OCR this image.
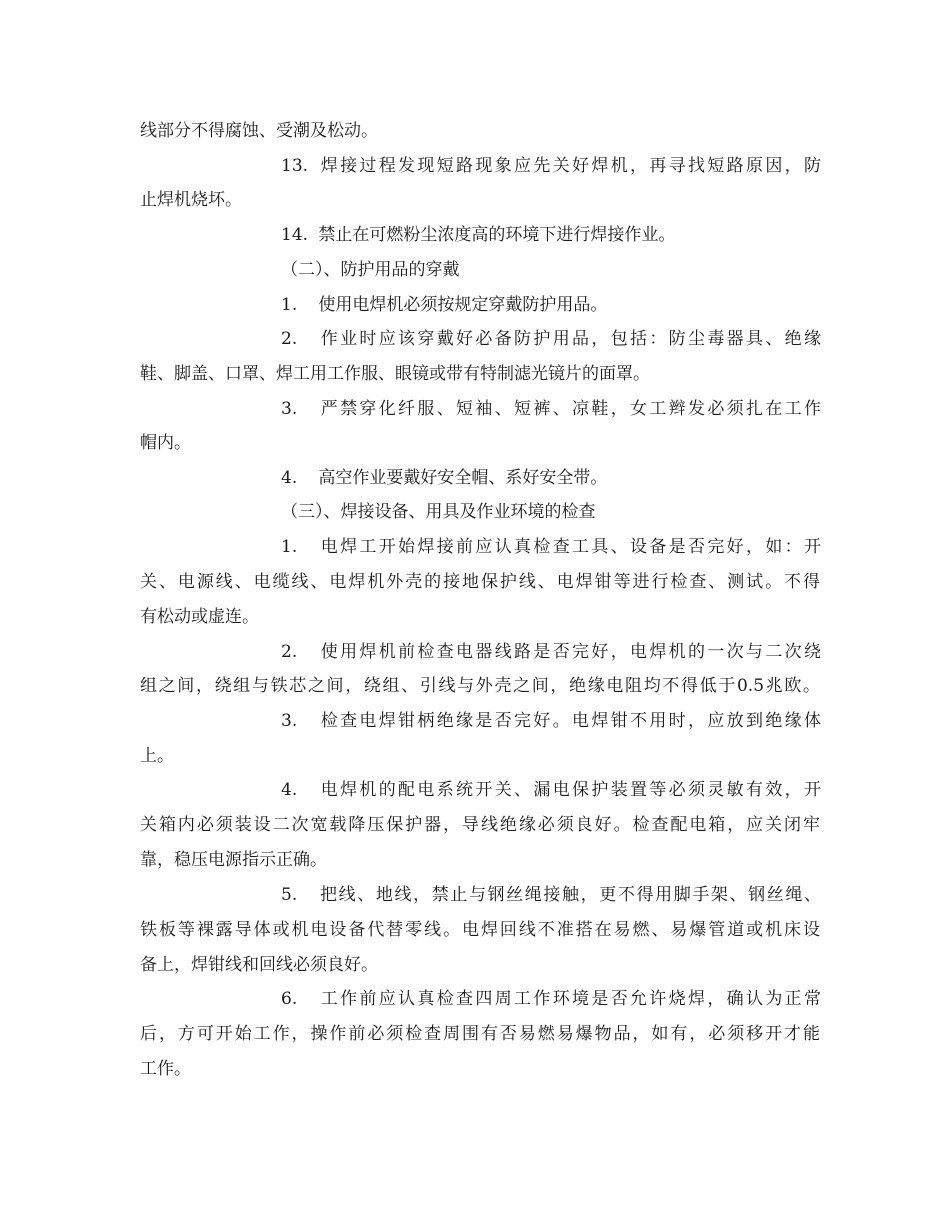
线部分不得腐蚀、受潮及松动。
13. 焊接过程发现短路现象应先关好焊机，再寻找短路原因，防
止焊机烧坏。
14. 禁止在可燃粉尘浓度高的环境下进行焊接作业。
（二）、防护用品的穿戴
1. 使用电焊机必须按规定穿戴防护用品。
2. 作业时应该穿戴好必备防护用品，包括：防尘毒器具、绝缘
鞋、脚盖、口罩、焊工用工作服、眼镜或带有特制滤光镜片的面罩。
3. 严禁穿化纤服、短袖、短裤、凉鞋，女工辫发必须扎在工作
帽内。
4. 高空作业要戴好安全帽、系好安全带。
（三）、焊接设备、用具及作业环境的检查
1. 电焊工开始焊接前应认真检查工具、设备是否完好，如：开
关、电源线、电缆线、电焊机外壳的接地保护线、电焊钳等进行检查、测试。不得
有松动或虚连。
2. 使用焊机前检查电器线路是否完好，电焊机的一次与二次绕
组之间，绕组与铁芯之间，绕组、引线与外壳之间，绝缘电阻均不得低于0.5兆欧。
3. 检查电焊钳柄绝缘是否完好。电焊钳不用时，应放到绝缘体
上。
4. 电焊机的配电系统开关、漏电保护装置等必须灵敏有效，开
关箱内必须装设二次宽载降压保护器，导线绝缘必须良好。检查配电箱，应关闭牢
靠，稳压电源指示正确。
5. 把线、地线，禁止与钢丝绳接触，更不得用脚手架、钢丝绳、
铁板等裸露导体或机电设备代替零线。电焊回线不准搭在易燃、易爆管道或机床设
备上，焊钳线和回线必须良好。
6. 工作前应认真检查四周工作环境是否允许烧焊，确认为正常
后，方可开始工作，操作前必须检查周围有否易燃易爆物品，如有，必须移开才能
工作。
